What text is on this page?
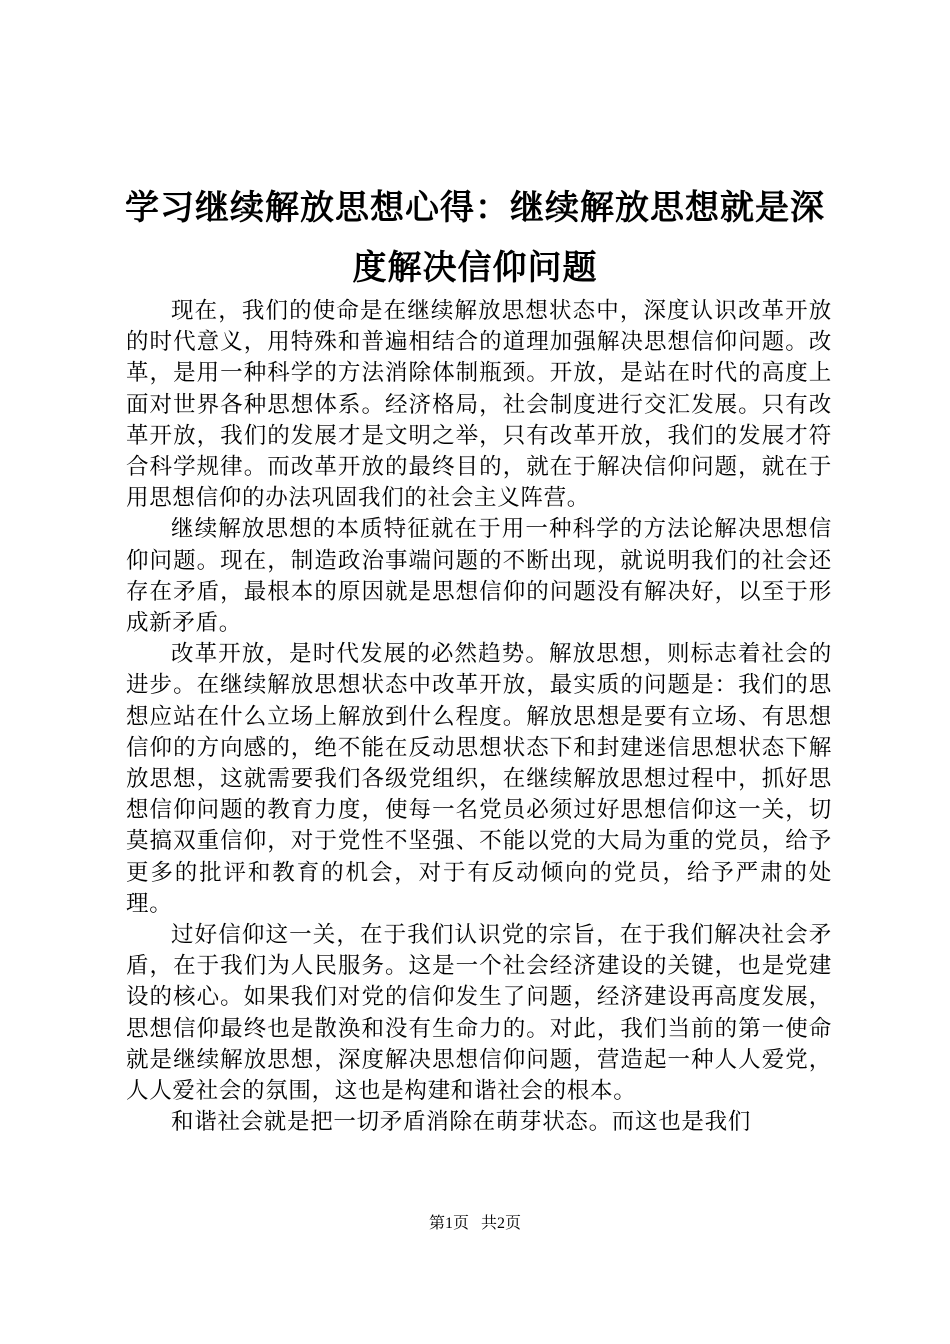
学习继续解放思想心得：继续解放思想就是深
度解决信仰问题

现在，我们的使命是在继续解放思想状态中，深度认识改革开放的时代意义，用特殊和普遍相结合的道理加强解决思想信仰问题。改革，是用一种科学的方法消除体制瓶颈。开放，是站在时代的高度上面对世界各种思想体系。经济格局，社会制度进行交汇发展。只有改革开放，我们的发展才是文明之举，只有改革开放，我们的发展才符合科学规律。而改革开放的最终目的，就在于解决信仰问题，就在于用思想信仰的办法巩固我们的社会主义阵营。

继续解放思想的本质特征就在于用一种科学的方法论解决思想信仰问题。现在，制造政治事端问题的不断出现，就说明我们的社会还存在矛盾，最根本的原因就是思想信仰的问题没有解决好，以至于形成新矛盾。

改革开放，是时代发展的必然趋势。解放思想，则标志着社会的进步。在继续解放思想状态中改革开放，最实质的问题是：我们的思想应站在什么立场上解放到什么程度。解放思想是要有立场、有思想信仰的方向感的，绝不能在反动思想状态下和封建迷信思想状态下解放思想，这就需要我们各级党组织，在继续解放思想过程中，抓好思想信仰问题的教育力度，使每一名党员必须过好思想信仰这一关，切莫搞双重信仰，对于党性不坚强、不能以党的大局为重的党员，给予更多的批评和教育的机会，对于有反动倾向的党员，给予严肃的处理。

过好信仰这一关，在于我们认识党的宗旨，在于我们解决社会矛盾，在于我们为人民服务。这是一个社会经济建设的关键，也是党建设的核心。如果我们对党的信仰发生了问题，经济建设再高度发展，思想信仰最终也是散涣和没有生命力的。对此，我们当前的第一使命就是继续解放思想，深度解决思想信仰问题，营造起一种人人爱党，人人爱社会的氛围，这也是构建和谐社会的根本。

和谐社会就是把一切矛盾消除在萌芽状态。而这也是我们

第1页 共2页
